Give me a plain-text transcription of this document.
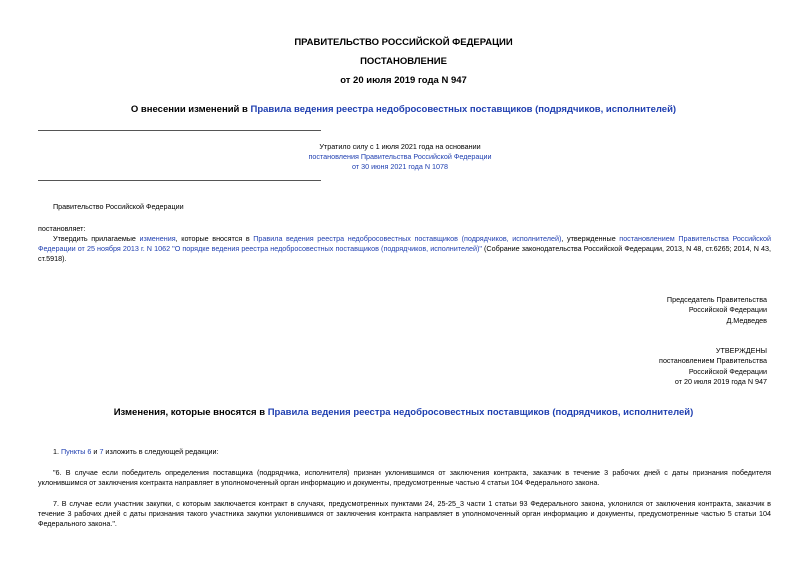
ПРАВИТЕЛЬСТВО РОССИЙСКОЙ ФЕДЕРАЦИИ
ПОСТАНОВЛЕНИЕ
от 20 июля 2019 года N 947
О внесении изменений в Правила ведения реестра недобросовестных поставщиков (подрядчиков, исполнителей)
Утратило силу с 1 июля 2021 года на основании
постановления Правительства Российской Федерации
от 30 июня 2021 года N 1078
Правительство Российской Федерации
постановляет:
Утвердить прилагаемые изменения, которые вносятся в Правила ведения реестра недобросовестных поставщиков (подрядчиков, исполнителей), утвержденные постановлением Правительства Российской Федерации от 25 ноября 2013 г. N 1062 "О порядке ведения реестра недобросовестных поставщиков (подрядчиков, исполнителей)" (Собрание законодательства Российской Федерации, 2013, N 48, ст.6265; 2014, N 43, ст.5918).
Председатель Правительства
Российской Федерации
Д.Медведев
УТВЕРЖДЕНЫ
постановлением Правительства
Российской Федерации
от 20 июля 2019 года N 947
Изменения, которые вносятся в Правила ведения реестра недобросовестных поставщиков (подрядчиков, исполнителей)
1. Пункты 6 и 7 изложить в следующей редакции:
"6. В случае если победитель определения поставщика (подрядчика, исполнителя) признан уклонившимся от заключения контракта, заказчик в течение 3 рабочих дней с даты признания победителя уклонившимся от заключения контракта направляет в уполномоченный орган информацию и документы, предусмотренные частью 4 статьи 104 Федерального закона.
7. В случае если участник закупки, с которым заключается контракт в случаях, предусмотренных пунктами 24, 25-25_3 части 1 статьи 93 Федерального закона, уклонился от заключения контракта, заказчик в течение 3 рабочих дней с даты признания такого участника закупки уклонившимся от заключения контракта направляет в уполномоченный орган информацию и документы, предусмотренные частью 5 статьи 104 Федерального закона.".
